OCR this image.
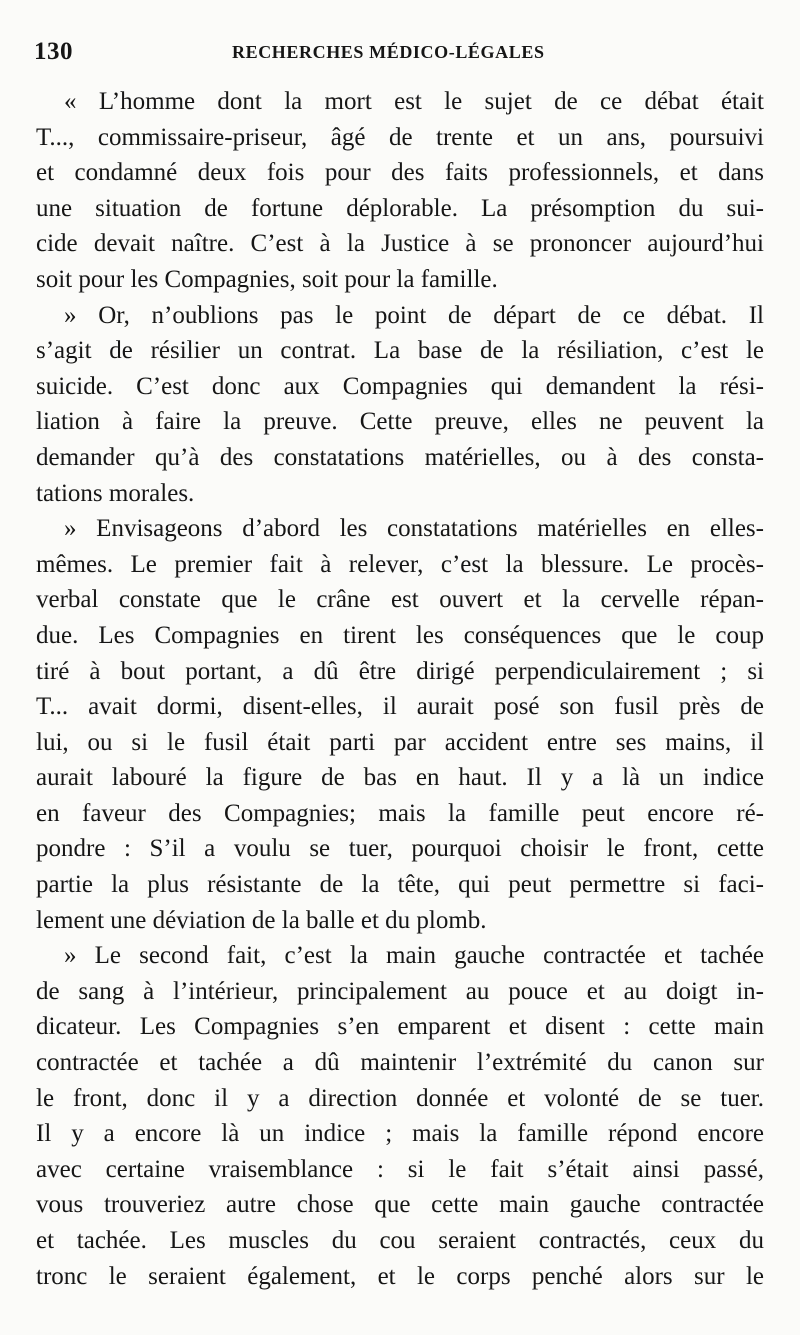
130	RECHERCHES MÉDICO-LÉGALES
« L’homme dont la mort est le sujet de ce débat était
T..., commissaire-priseur, âgé de trente et un ans, poursuivi
et condamné deux fois pour des faits professionnels, et dans
une situation de fortune déplorable. La présomption du sui-
cide devait naître. C’est à la Justice à se prononcer aujourd’hui
soit pour les Compagnies, soit pour la famille.
» Or, n’oublions pas le point de départ de ce débat. Il
s’agit de résilier un contrat. La base de la résiliation, c’est le
suicide. C’est donc aux Compagnies qui demandent la rési-
liation à faire la preuve. Cette preuve, elles ne peuvent la
demander qu’à des constatations matérielles, ou à des consta-
tations morales.
» Envisageons d’abord les constatations matérielles en elles-
mêmes. Le premier fait à relever, c’est la blessure. Le procès-
verbal constate que le crâne est ouvert et la cervelle répan-
due. Les Compagnies en tirent les conséquences que le coup
tiré à bout portant, a dû être dirigé perpendiculairement ; si
T... avait dormi, disent-elles, il aurait posé son fusil près de
lui, ou si le fusil était parti par accident entre ses mains, il
aurait labouré la figure de bas en haut. Il y a là un indice
en faveur des Compagnies; mais la famille peut encore ré-
pondre : S’il a voulu se tuer, pourquoi choisir le front, cette
partie la plus résistante de la tête, qui peut permettre si faci-
lement une déviation de la balle et du plomb.
» Le second fait, c’est la main gauche contractée et tachée
de sang à l’intérieur, principalement au pouce et au doigt in-
dicateur. Les Compagnies s’en emparent et disent : cette main
contractée et tachée a dû maintenir l’extrémité du canon sur
le front, donc il y a direction donnée et volonté de se tuer.
Il y a encore là un indice ; mais la famille répond encore
avec certaine vraisemblance : si le fait s’était ainsi passé,
vous trouveriez autre chose que cette main gauche contractée
et tachée. Les muscles du cou seraient contractés, ceux du
tronc le seraient également, et le corps penché alors sur le
